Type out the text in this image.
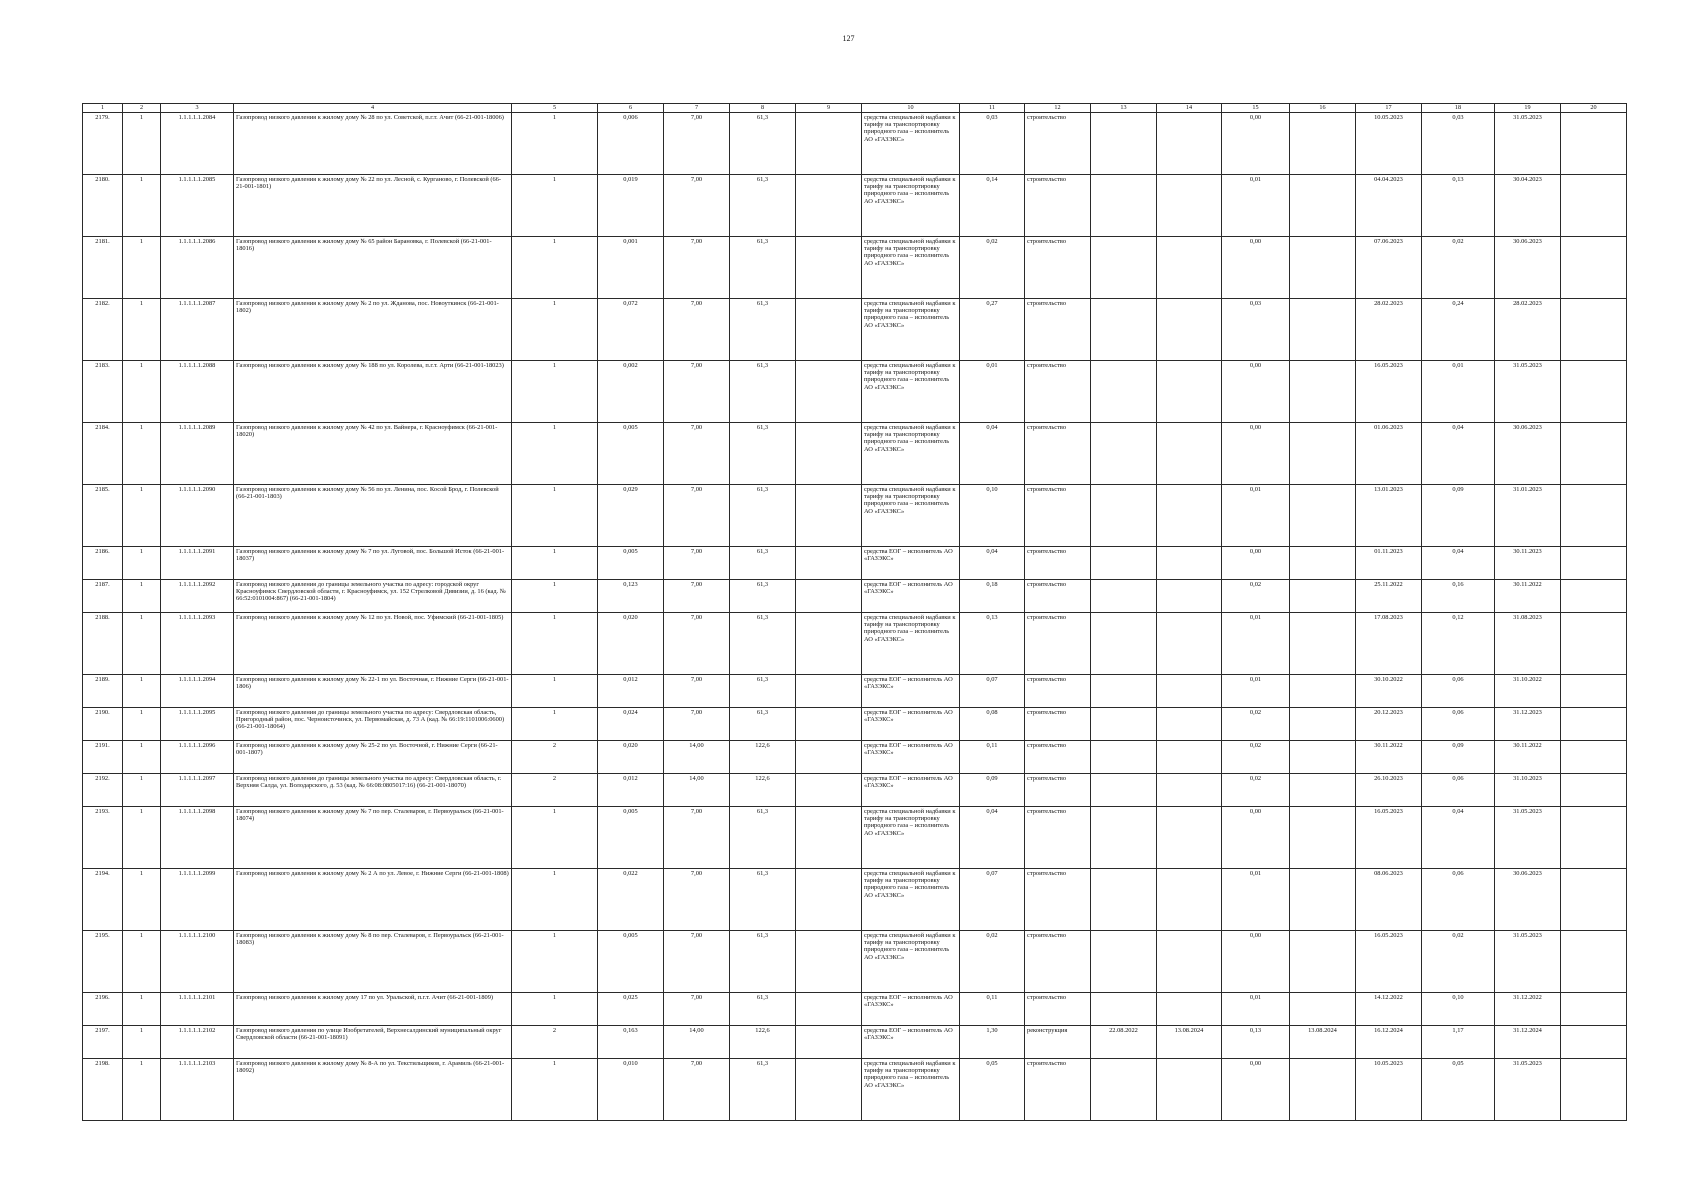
127
1	2	3	4	5	6	7	8	9	10	11	12	13	14	15	16	17	18	19	20
2179.	1	1.1.1.1.1.2084	Газопровод низкого давления к жилому дому № 28 по ул. Советской, п.г.т. Ачит (66-21-001-18006)	1	0,006	7,00	61,3		средства специальной надбавки к тарифу на транспортировку природного газа – исполнитель АО «ГАЗЭКС»	0,03	строительство			0,00		10.05.2023	0,03	31.05.2023	
2180.	1	1.1.1.1.1.2085	Газопровод низкого давления к жилому дому № 22 по ул. Лесной, с. Курганово, г. Полевской (66-21-001-1801)	1	0,019	7,00	61,3		средства специальной надбавки к тарифу на транспортировку природного газа – исполнитель АО «ГАЗЭКС»	0,14	строительство			0,01		04.04.2023	0,13	30.04.2023	
2181.	1	1.1.1.1.1.2086	Газопровод низкого давления к жилому дому № 65 район Барановка, г. Полевской (66-21-001-18016)	1	0,001	7,00	61,3		средства специальной надбавки к тарифу на транспортировку природного газа – исполнитель АО «ГАЗЭКС»	0,02	строительство			0,00		07.06.2023	0,02	30.06.2023	
2182.	1	1.1.1.1.1.2087	Газопровод низкого давления к жилому дому № 2 по ул. Жданова, пос. Новоуткинск (66-21-001-1802)	1	0,072	7,00	61,3		средства специальной надбавки к тарифу на транспортировку природного газа – исполнитель АО «ГАЗЭКС»	0,27	строительство			0,03		28.02.2023	0,24	28.02.2023	
2183.	1	1.1.1.1.1.2088	Газопровод низкого давления к жилому дому № 188 по ул. Королева, п.г.т. Арти (66-21-001-18023)	1	0,002	7,00	61,3		средства специальной надбавки к тарифу на транспортировку природного газа – исполнитель АО «ГАЗЭКС»	0,01	строительство			0,00		16.05.2023	0,01	31.05.2023	
2184.	1	1.1.1.1.1.2089	Газопровод низкого давления к жилому дому № 42 по ул. Вайнера, г. Красноуфимск (66-21-001-18020)	1	0,005	7,00	61,3		средства специальной надбавки к тарифу на транспортировку природного газа – исполнитель АО «ГАЗЭКС»	0,04	строительство			0,00		01.06.2023	0,04	30.06.2023	
2185.	1	1.1.1.1.1.2090	Газопровод низкого давления к жилому дому № 56 по ул. Ленина, пос. Косой Брод, г. Полевской (66-21-001-1803)	1	0,029	7,00	61,3		средства специальной надбавки к тарифу на транспортировку природного газа – исполнитель АО «ГАЗЭКС»	0,10	строительство			0,01		13.01.2023	0,09	31.01.2023	
2186.	1	1.1.1.1.1.2091	Газопровод низкого давления к жилому дому № 7 по ул. Луговой, пос. Большой Исток (66-21-001-18037)	1	0,005	7,00	61,3		средства ЕОГ – исполнитель АО «ГАЗЭКС»	0,04	строительство			0,00		01.11.2023	0,04	30.11.2023	
2187.	1	1.1.1.1.1.2092	Газопровод низкого давления до границы земельного участка по адресу: городской округ Красноуфимск Свердловской области, г. Красноуфимск, ул. 152 Стрелковой Дивизии, д. 16 (кад. № 66:52:0101004:867) (66-21-001-1804)	1	0,123	7,00	61,3		средства ЕОГ – исполнитель АО «ГАЗЭКС»	0,18	строительство			0,02		25.11.2022	0,16	30.11.2022	
2188.	1	1.1.1.1.1.2093	Газопровод низкого давления к жилому дому № 12 по ул. Новой, пос. Уфимский (66-21-001-1805)	1	0,020	7,00	61,3		средства специальной надбавки к тарифу на транспортировку природного газа – исполнитель АО «ГАЗЭКС»	0,13	строительство			0,01		17.08.2023	0,12	31.08.2023	
2189.	1	1.1.1.1.1.2094	Газопровод низкого давления к жилому дому № 22-1 по ул. Восточная, г. Нижние Серги (66-21-001-1806)	1	0,012	7,00	61,3		средства ЕОГ – исполнитель АО «ГАЗЭКС»	0,07	строительство			0,01		30.10.2022	0,06	31.10.2022	
2190.	1	1.1.1.1.1.2095	Газопровод низкого давления до границы земельного участка по адресу: Свердловская область, Пригородный район, пос. Черноисточинск, ул. Первомайская, д. 73 А (кад. № 66:19:1101006:0600) (66-21-001-18064)	1	0,024	7,00	61,3		средства ЕОГ – исполнитель АО «ГАЗЭКС»	0,08	строительство			0,02		20.12.2023	0,06	31.12.2023	
2191.	1	1.1.1.1.1.2096	Газопровод низкого давления к жилому дому № 25-2 по ул. Восточной, г. Нижние Серги (66-21-001-1807)	2	0,020	14,00	122,6		средства ЕОГ – исполнитель АО «ГАЗЭКС»	0,11	строительство			0,02		30.11.2022	0,09	30.11.2022	
2192.	1	1.1.1.1.1.2097	Газопровод низкого давления до границы земельного участка по адресу: Свердловская область, г. Верхняя Салда, ул. Володарского, д. 53 (кад. № 66:08:0805017:16) (66-21-001-18070)	2	0,012	14,00	122,6		средства ЕОГ – исполнитель АО «ГАЗЭКС»	0,09	строительство			0,02		26.10.2023	0,06	31.10.2023	
2193.	1	1.1.1.1.1.2098	Газопровод низкого давления к жилому дому № 7 по пер. Сталеваров, г. Первоуральск (66-21-001-18074)	1	0,005	7,00	61,3		средства специальной надбавки к тарифу на транспортировку природного газа – исполнитель АО «ГАЗЭКС»	0,04	строительство			0,00		16.05.2023	0,04	31.05.2023	
2194.	1	1.1.1.1.1.2099	Газопровод низкого давления к жилому дому № 2 А по ул. Левое, г. Нижние Серги (66-21-001-1808)	1	0,022	7,00	61,3		средства специальной надбавки к тарифу на транспортировку природного газа – исполнитель АО «ГАЗЭКС»	0,07	строительство			0,01		08.06.2023	0,06	30.06.2023	
2195.	1	1.1.1.1.1.2100	Газопровод низкого давления к жилому дому № 8 по пер. Сталеваров, г. Первоуральск (66-21-001-18083)	1	0,005	7,00	61,3		средства специальной надбавки к тарифу на транспортировку природного газа – исполнитель АО «ГАЗЭКС»	0,02	строительство			0,00		16.05.2023	0,02	31.05.2023	
2196.	1	1.1.1.1.1.2101	Газопровод низкого давления к жилому дому 17 по ул. Уральской, п.г.т. Ачит (66-21-001-1809)	1	0,025	7,00	61,3		средства ЕОГ – исполнитель АО «ГАЗЭКС»	0,11	строительство			0,01		14.12.2022	0,10	31.12.2022	
2197.	1	1.1.1.1.1.2102	Газопровод низкого давления по улице Изобретателей, Верхнесалдинский муниципальный округ Свердловской области (66-21-001-18091)	2	0,163	14,00	122,6		средства ЕОГ – исполнитель АО «ГАЗЭКС»	1,30	реконструкция	22.08.2022	13.08.2024	0,13	13.08.2024	16.12.2024	1,17	31.12.2024	
2198.	1	1.1.1.1.1.2103	Газопровод низкого давления к жилому дому № 8-А по ул. Текстильщиков, г. Арамиль (66-21-001-18092)	1	0,010	7,00	61,3		средства специальной надбавки к тарифу на транспортировку природного газа – исполнитель АО «ГАЗЭКС»	0,05	строительство			0,00		10.05.2023	0,05	31.05.2023	
